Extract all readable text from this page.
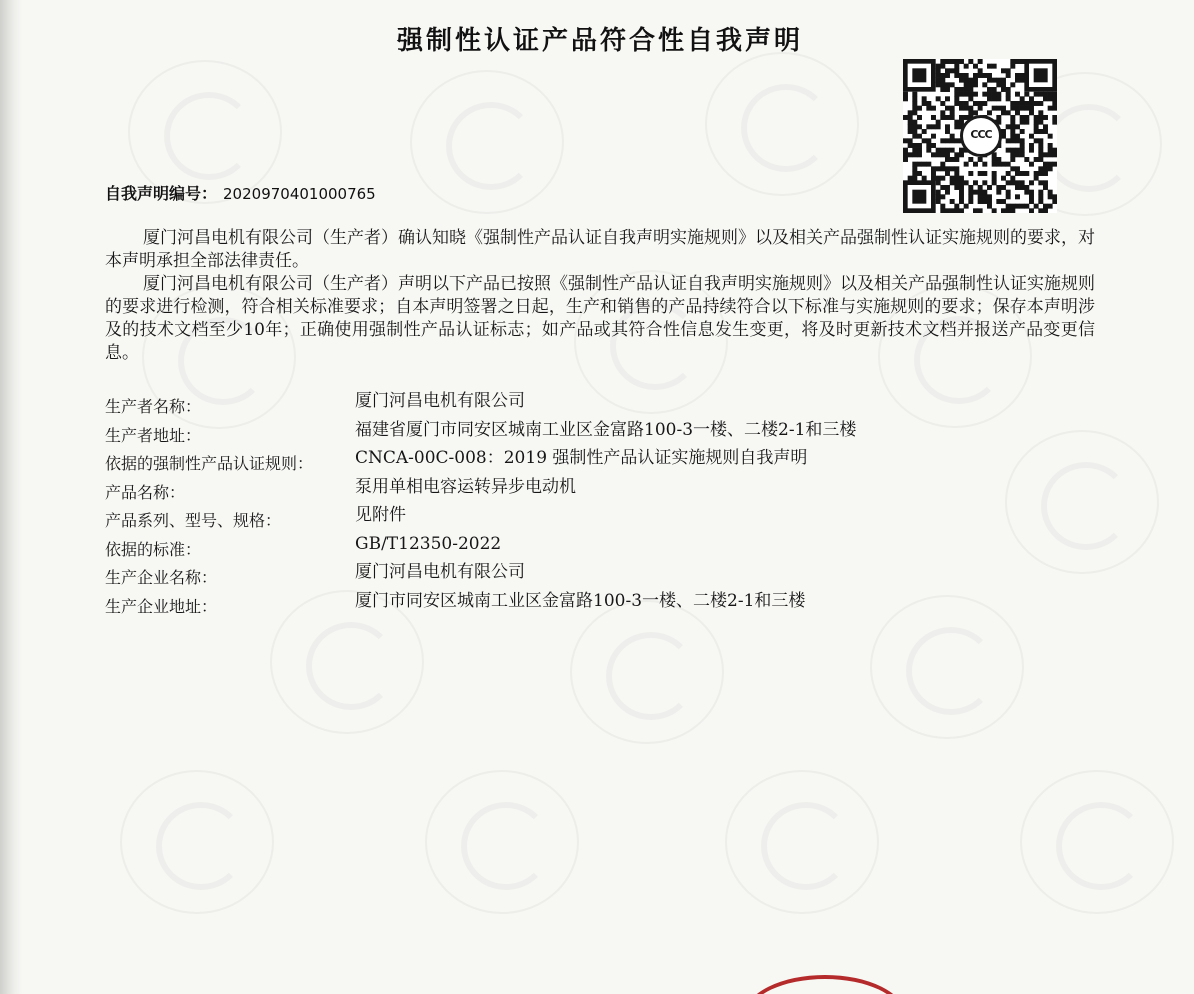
强制性认证产品符合性自我声明
自我声明编号： 2020970401000765
CCC
厦门河昌电机有限公司（生产者）确认知晓《强制性产品认证自我声明实施规则》以及相关产品强制性认证实施规则的要求，对本声明承担全部法律责任。
厦门河昌电机有限公司（生产者）声明以下产品已按照《强制性产品认证自我声明实施规则》以及相关产品强制性认证实施规则的要求进行检测，符合相关标准要求；自本声明签署之日起，生产和销售的产品持续符合以下标准与实施规则的要求；保存本声明涉及的技术文档至少10年；正确使用强制性产品认证标志；如产品或其符合性信息发生变更，将及时更新技术文档并报送产品变更信息。
生产者名称：	厦门河昌电机有限公司
生产者地址：	福建省厦门市同安区城南工业区金富路100-3一楼、二楼2-1和三楼
依据的强制性产品认证规则： CNCA-00C-008：2019 强制性产品认证实施规则自我声明
产品名称：	泵用单相电容运转异步电动机
产品系列、型号、规格：	见附件
依据的标准：	GB/T12350-2022
生产企业名称：	厦门河昌电机有限公司
生产企业地址：	厦门市同安区城南工业区金富路100-3一楼、二楼2-1和三楼
